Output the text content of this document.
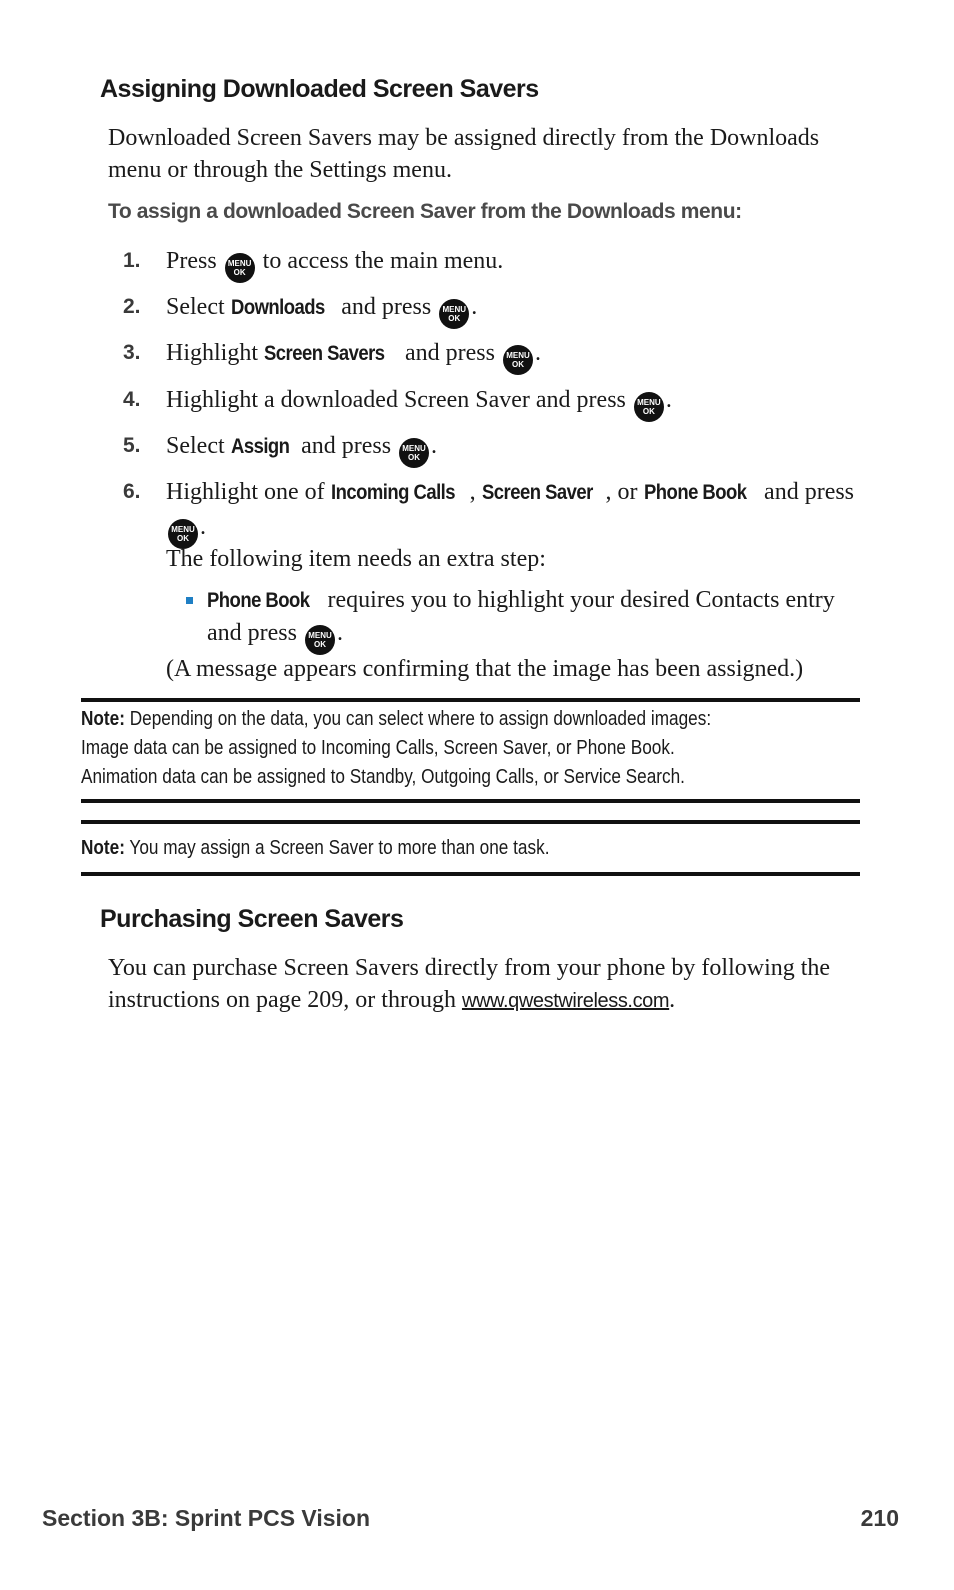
Assigning Downloaded Screen Savers

Downloaded Screen Savers may be assigned directly from the Downloads menu or through the Settings menu.

To assign a downloaded Screen Saver from the Downloads menu:

1.	Press MENU
OK to access the main menu.
2.	Select Downloads and press MENU
OK .
3.	Highlight Screen Savers and press MENU
OK .
4.	Highlight a downloaded Screen Saver and press MENU
OK .
5.	Select Assign and press MENU
OK .
6.	Highlight one of Incoming Calls , Screen Saver , or Phone Book and press MENU
OK .

The following item needs an extra step:

Phone Book requires you to highlight your desired Contacts entry and press MENU
OK .

(A message appears confirming that the image has been assigned.)

Note: Depending on the data, you can select where to assign downloaded images:
Image data can be assigned to Incoming Calls, Screen Saver, or Phone Book.
Animation data can be assigned to Standby, Outgoing Calls, or Service Search.
Note: You may assign a Screen Saver to more than one task.
Purchasing Screen Savers

You can purchase Screen Savers directly from your phone by following the instructions on page 209, or through www.qwestwireless.com.

Section 3B: Sprint PCS Vision	210
